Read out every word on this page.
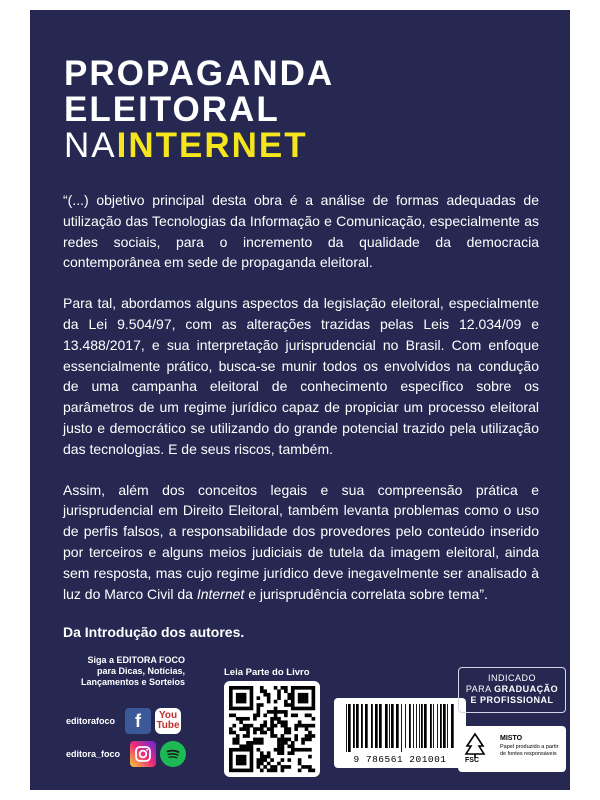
PROPAGANDA
ELEITORAL
NAINTERNET

“(...) objetivo principal desta obra é a análise de formas adequadas de utilização das Tecnologias da Informação e Comunicação, especialmente as redes sociais, para o incremento da qualidade da democracia contemporânea em sede de propaganda eleitoral.

Para tal, abordamos alguns aspectos da legislação eleitoral, especialmente da Lei 9.504/97, com as alterações trazidas pelas Leis 12.034/09 e 13.488/2017, e sua interpretação jurisprudencial no Brasil. Com enfoque essencialmente prático, busca-se munir todos os envolvidos na condução de uma campanha eleitoral de conhecimento específico sobre os parâmetros de um regime jurídico capaz de propiciar um processo eleitoral justo e democrático se utilizando do grande potencial trazido pela utilização das tecnologias. E de seus riscos, também.

Assim, além dos conceitos legais e sua compreensão prática e jurisprudencial em Direito Eleitoral, também levanta problemas como o uso de perfis falsos, a responsabilidade dos provedores pelo conteúdo inserido por terceiros e alguns meios judiciais de tutela da imagem eleitoral, ainda sem resposta, mas cujo regime jurídico deve inegavelmente ser analisado à luz do Marco Civil da Internet e jurisprudência correlata sobre tema”.

Da Introdução dos autores.

Siga a EDITORA FOCO
para Dicas, Notícias,
Lançamentos e Sorteios
editorafoco	f	You
Tube
editora_foco
Leia Parte do Livro
9 786561 201001
INDICADO
PARA GRADUAÇÃO
E PROFISSIONAL
FSC
MISTO
Papel produzido a partir de fontes responsáveis
